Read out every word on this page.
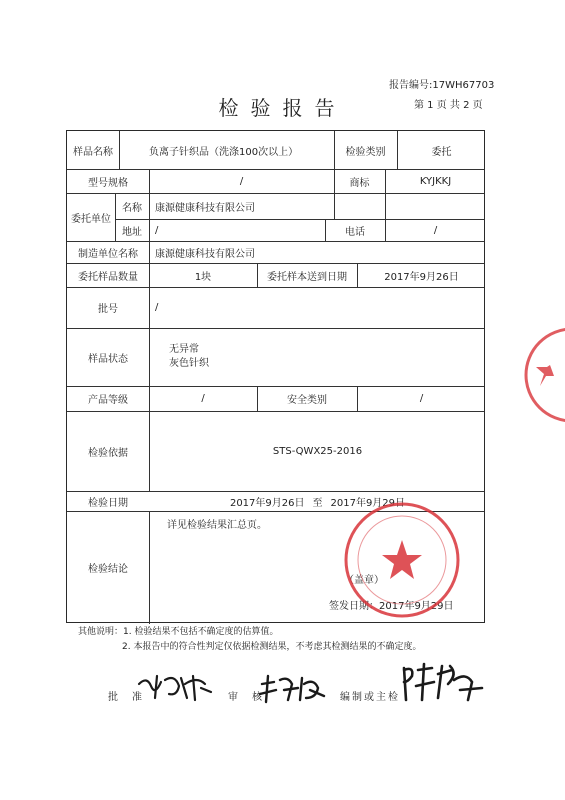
报告编号:17WH67703
检验报告	第 1 页 共 2 页
样品名称	负离子针织品（洗涤100次以上）	检验类别	委托
型号规格	/	商标	KYJKKJ
委托单位
名称	康源健康科技有限公司
地址	/	电话	/
制造单位名称	康源健康科技有限公司
委托样品数量	1块	委托样本送到日期	2017年9月26日
批号	/
样品状态
无异常
灰色针织
产品等级	/	安全类别	/
检验依据	STS-QWX25-2016
检验日期	2017年9月26日 至 2017年9月29日
检验结论
详见检验结果汇总页。
（盖章）
签发日期：2017年9月29日
其他说明：1. 检验结果不包括不确定度的估算值。
2. 本报告中的符合性判定仅依据检测结果，不考虑其检测结果的不确定度。
批　准	审　核	编制或主检
